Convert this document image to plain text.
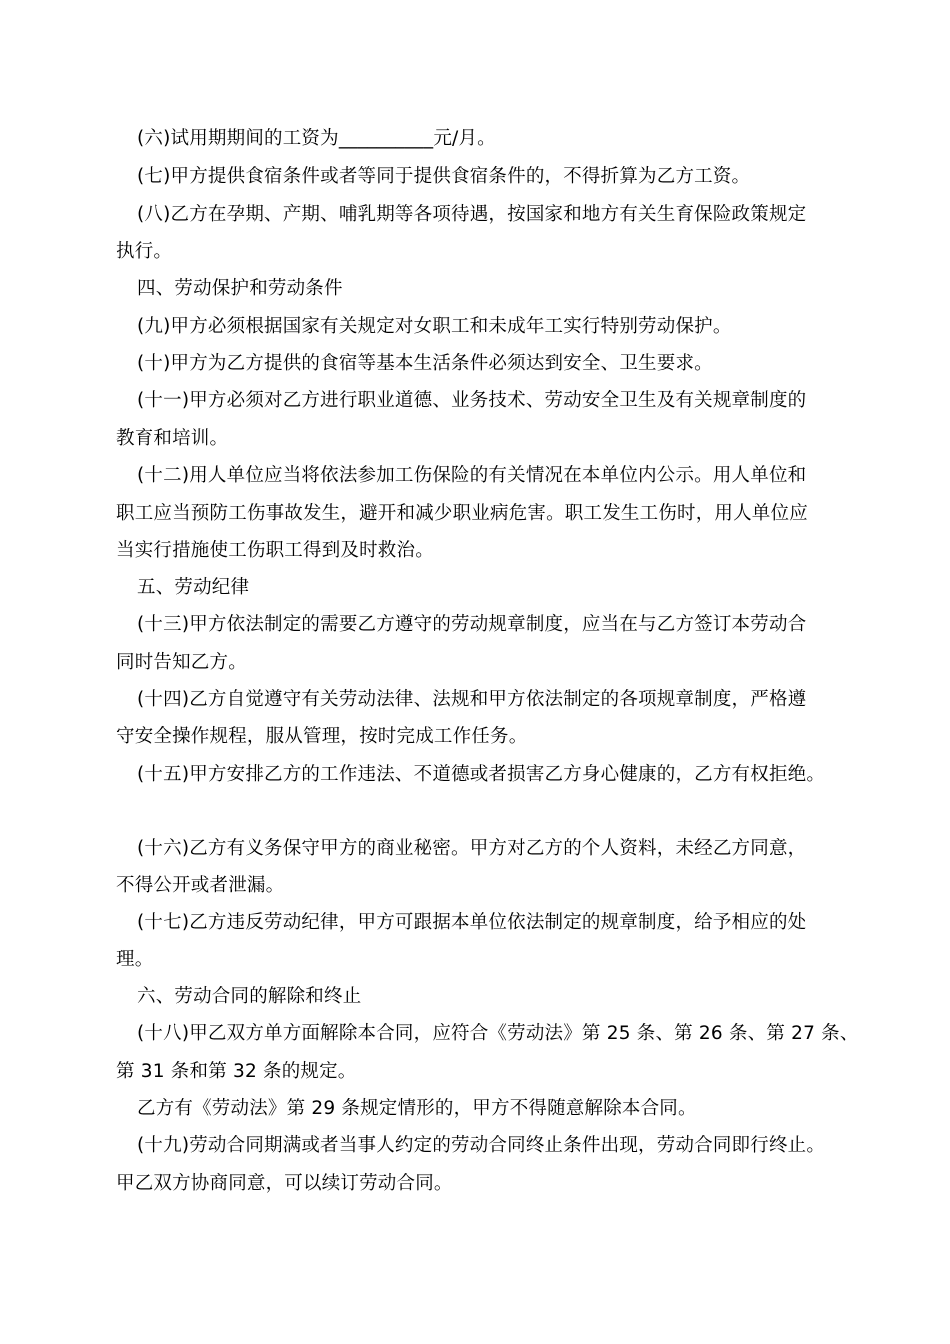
(六)试用期期间的工资为__________元/月。
(七)甲方提供食宿条件或者等同于提供食宿条件的，不得折算为乙方工资。
(八)乙方在孕期、产期、哺乳期等各项待遇，按国家和地方有关生育保险政策规定
执行。
四、劳动保护和劳动条件
(九)甲方必须根据国家有关规定对女职工和未成年工实行特别劳动保护。
(十)甲方为乙方提供的食宿等基本生活条件必须达到安全、卫生要求。
(十一)甲方必须对乙方进行职业道德、业务技术、劳动安全卫生及有关规章制度的
教育和培训。
(十二)用人单位应当将依法参加工伤保险的有关情况在本单位内公示。用人单位和
职工应当预防工伤事故发生，避开和减少职业病危害。职工发生工伤时，用人单位应
当实行措施使工伤职工得到及时救治。
五、劳动纪律
(十三)甲方依法制定的需要乙方遵守的劳动规章制度，应当在与乙方签订本劳动合
同时告知乙方。
(十四)乙方自觉遵守有关劳动法律、法规和甲方依法制定的各项规章制度，严格遵
守安全操作规程，服从管理，按时完成工作任务。
(十五)甲方安排乙方的工作违法、不道德或者损害乙方身心健康的，乙方有权拒绝。
(十六)乙方有义务保守甲方的商业秘密。甲方对乙方的个人资料，未经乙方同意，
不得公开或者泄漏。
(十七)乙方违反劳动纪律，甲方可跟据本单位依法制定的规章制度，给予相应的处
理。
六、劳动合同的解除和终止
(十八)甲乙双方单方面解除本合同，应符合《劳动法》第 25 条、第 26 条、第 27 条、
第 31 条和第 32 条的规定。
乙方有《劳动法》第 29 条规定情形的，甲方不得随意解除本合同。
(十九)劳动合同期满或者当事人约定的劳动合同终止条件出现，劳动合同即行终止。
甲乙双方协商同意，可以续订劳动合同。
